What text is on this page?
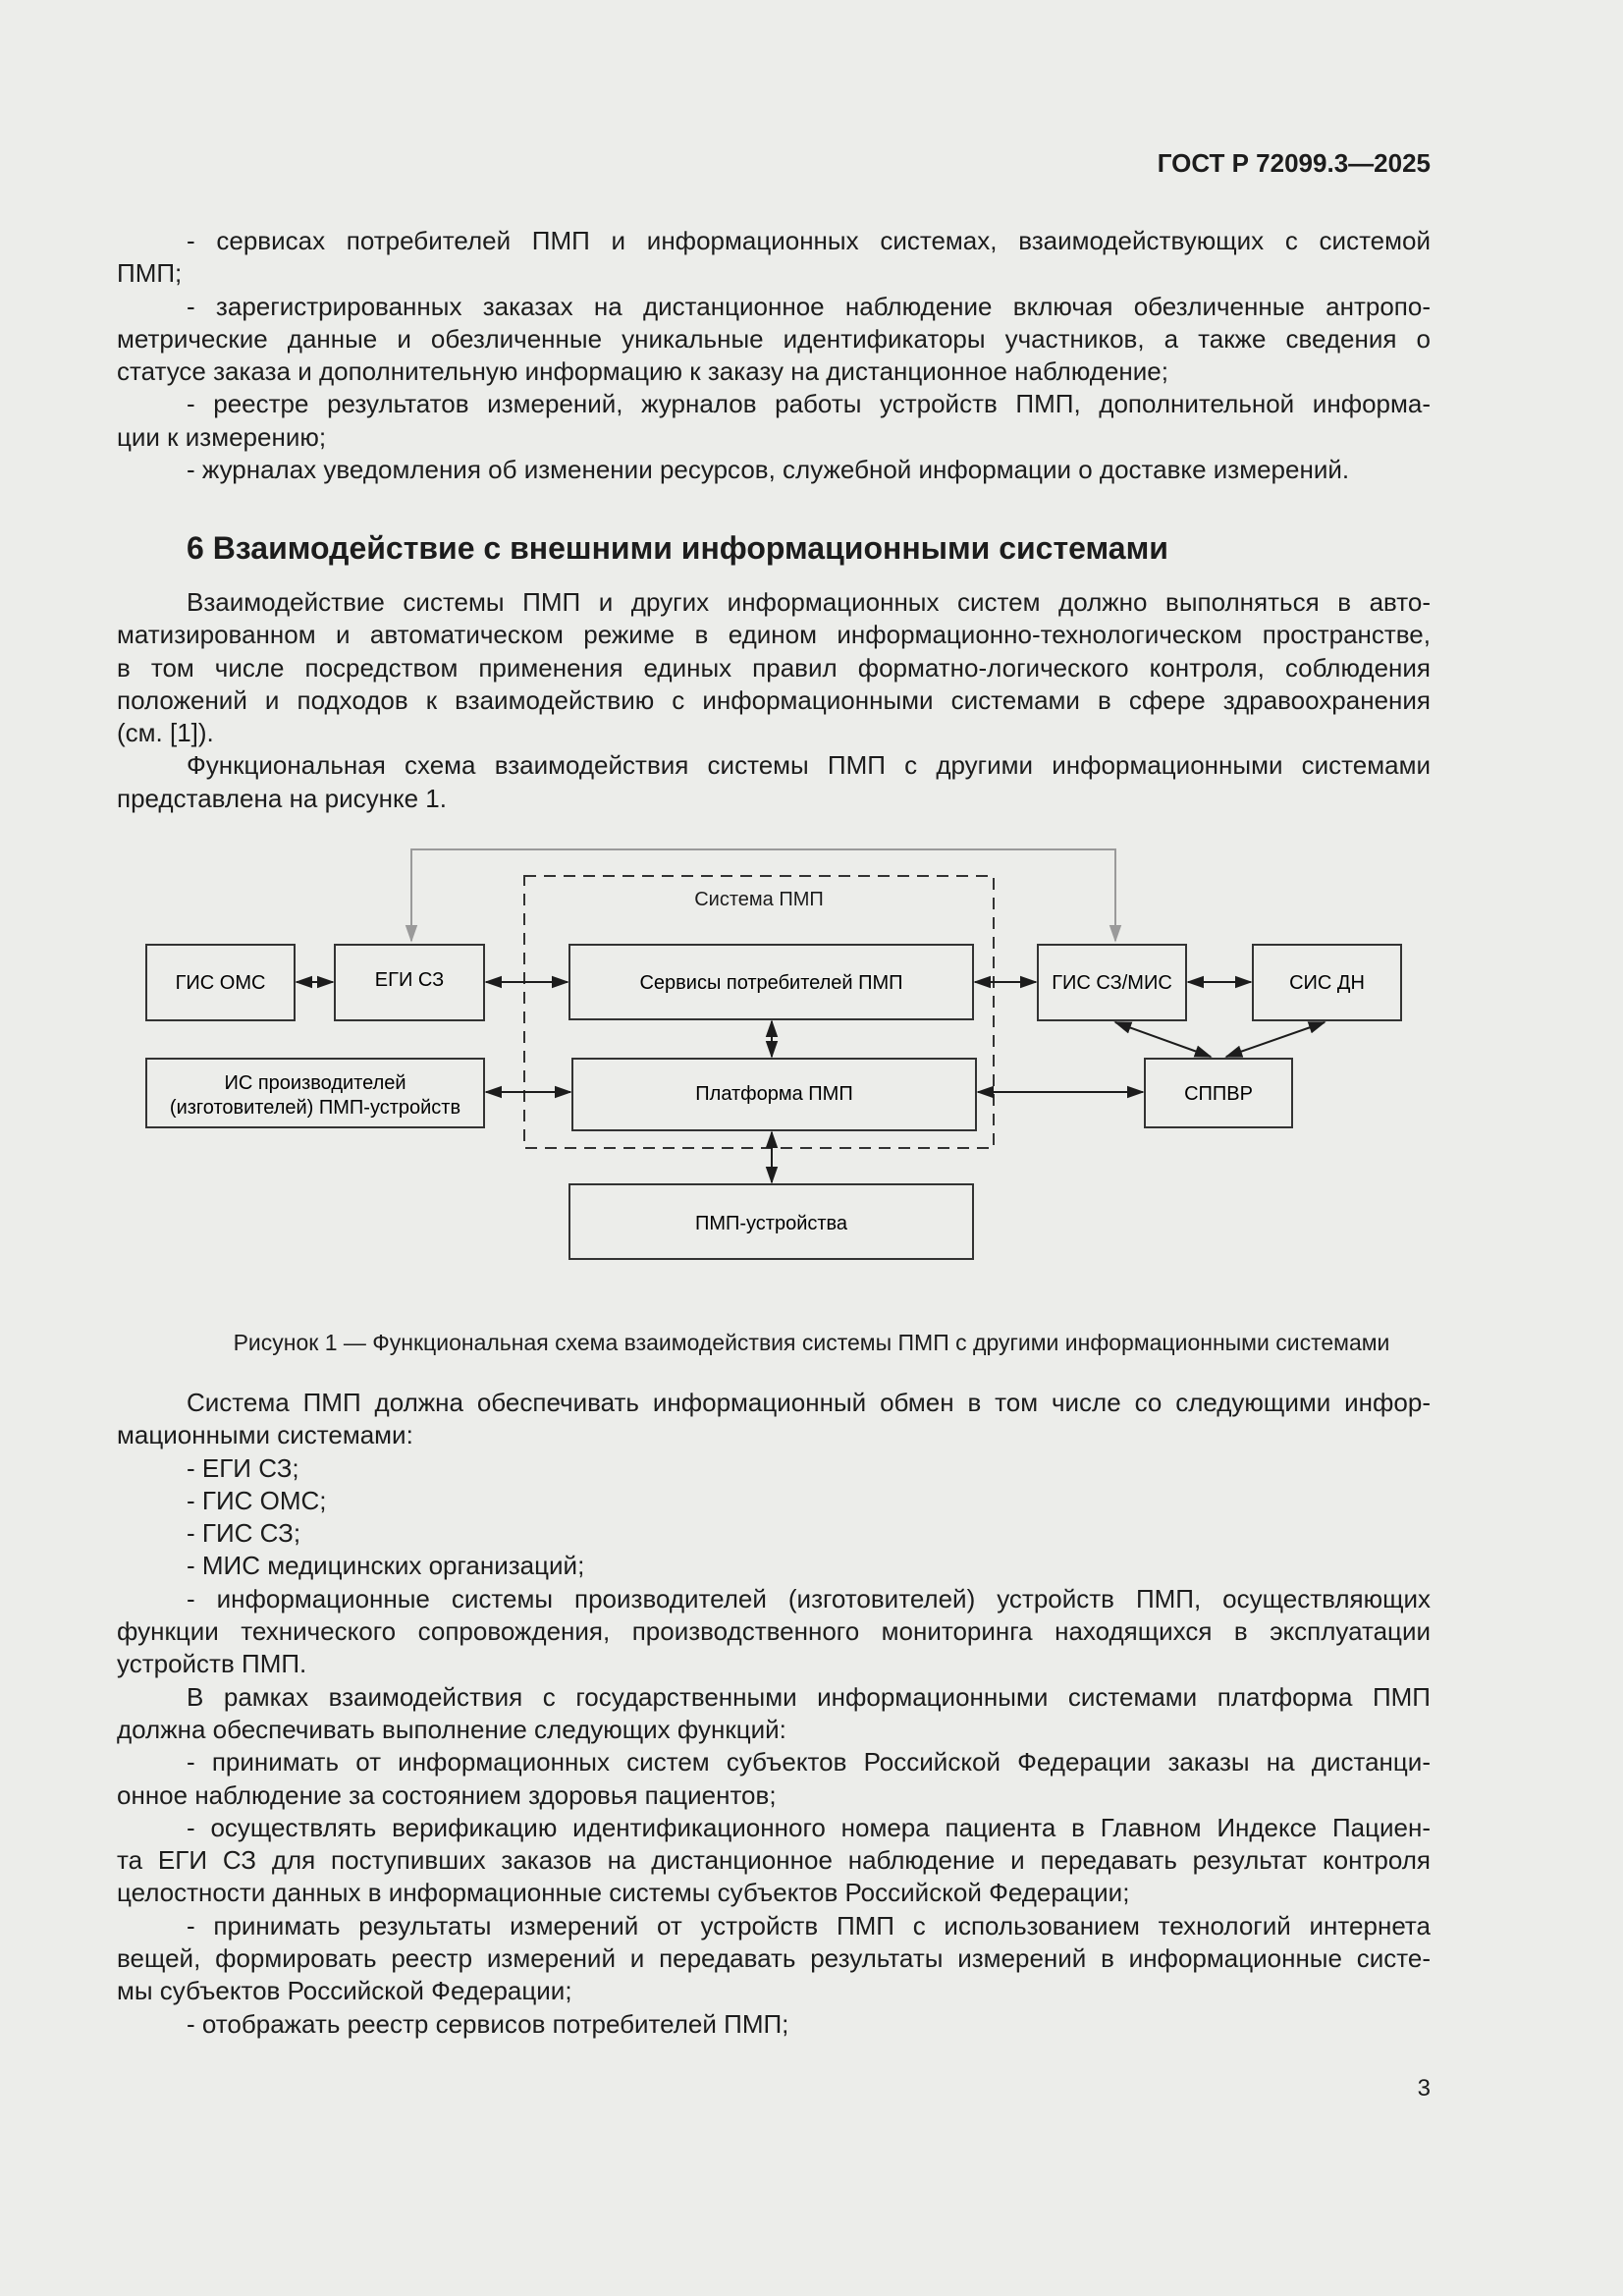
ГОСТ Р 72099.3—2025
- сервисах потребителей ПМП и информационных системах, взаимодействующих с системой
ПМП;
- зарегистрированных заказах на дистанционное наблюдение включая обезличенные антропо-
метрические данные и обезличенные уникальные идентификаторы участников, а также сведения о
статусе заказа и дополнительную информацию к заказу на дистанционное наблюдение;
- реестре результатов измерений, журналов работы устройств ПМП, дополнительной информа-
ции к измерению;
- журналах уведомления об изменении ресурсов, служебной информации о доставке измерений.
6 Взаимодействие с внешними информационными системами
Взаимодействие системы ПМП и других информационных систем должно выполняться в авто-
матизированном и автоматическом режиме в едином информационно-технологическом пространстве,
в том числе посредством применения единых правил форматно-логического контроля, соблюдения
положений и подходов к взаимодействию с информационными системами в сфере здравоохранения
(см. [1]).
Функциональная схема взаимодействия системы ПМП с другими информационными системами
представлена на рисунке 1.
Система ПМП
ГИС ОМС	ЕГИ СЗ	Сервисы потребителей ПМП
ИС производителей
(изготовителей) ПМП-устройств
Платформа ПМП
ГИС СЗ/МИС	СИС ДН
СППВР
ПМП-устройства
Рисунок 1 — Функциональная схема взаимодействия системы ПМП с другими информационными системами
Система ПМП должна обеспечивать информационный обмен в том числе со следующими инфор-
мационными системами:
- ЕГИ СЗ;
- ГИС ОМС;
- ГИС СЗ;
- МИС медицинских организаций;
- информационные системы производителей (изготовителей) устройств ПМП, осуществляющих
функции технического сопровождения, производственного мониторинга находящихся в эксплуатации
устройств ПМП.
В рамках взаимодействия с государственными информационными системами платформа ПМП
должна обеспечивать выполнение следующих функций:
- принимать от информационных систем субъектов Российской Федерации заказы на дистанци-
онное наблюдение за состоянием здоровья пациентов;
- осуществлять верификацию идентификационного номера пациента в Главном Индексе Пациен-
та ЕГИ СЗ для поступивших заказов на дистанционное наблюдение и передавать результат контроля
целостности данных в информационные системы субъектов Российской Федерации;
- принимать результаты измерений от устройств ПМП с использованием технологий интернета
вещей, формировать реестр измерений и передавать результаты измерений в информационные систе-
мы субъектов Российской Федерации;
- отображать реестр сервисов потребителей ПМП;
3
